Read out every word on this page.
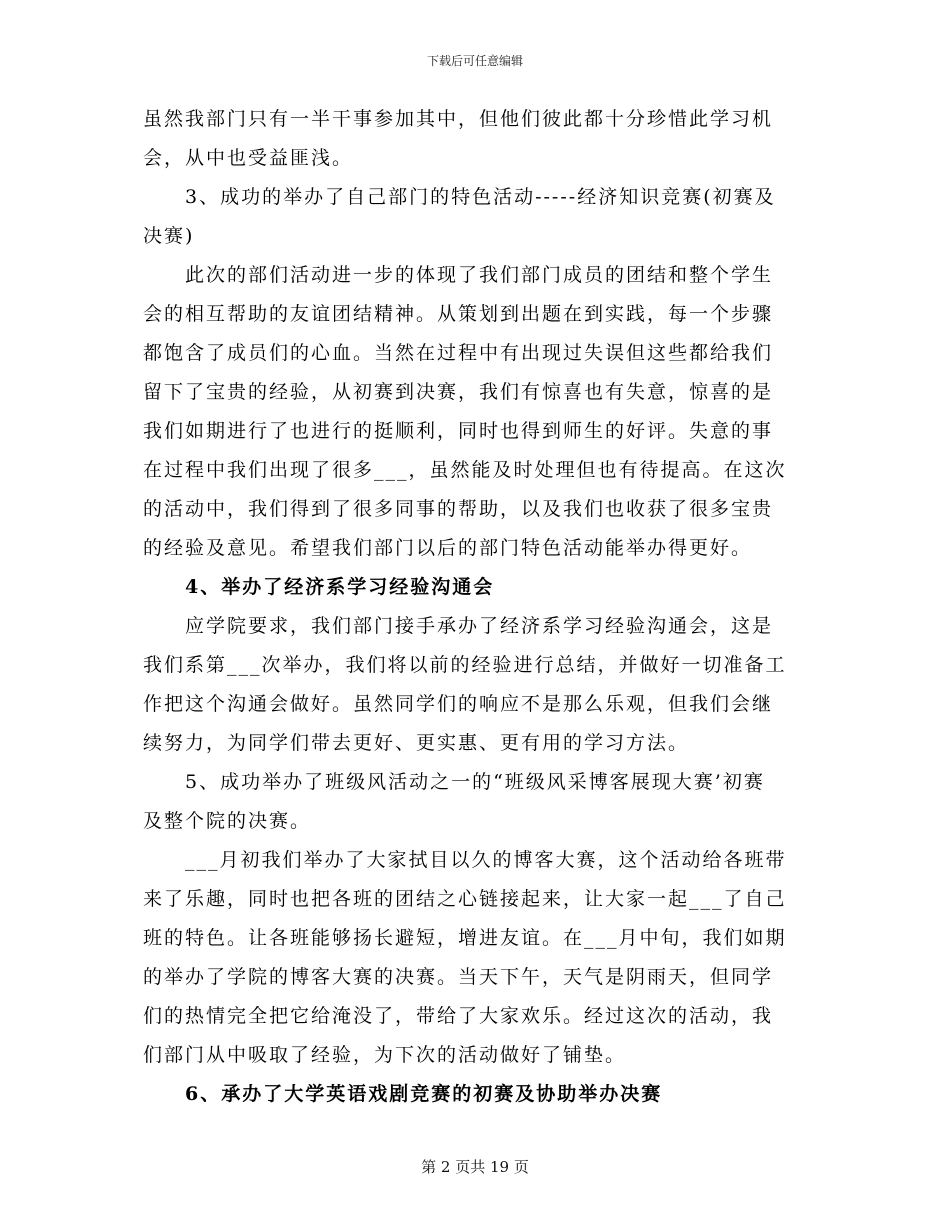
下载后可任意编辑
虽然我部门只有一半干事参加其中，但他们彼此都十分珍惜此学习机
会，从中也受益匪浅。
3、成功的举办了自己部门的特色活动-----经济知识竞赛(初赛及
决赛)
此次的部们活动进一步的体现了我们部门成员的团结和整个学生
会的相互帮助的友谊团结精神。从策划到出题在到实践，每一个步骤
都饱含了成员们的心血。当然在过程中有出现过失误但这些都给我们
留下了宝贵的经验，从初赛到决赛，我们有惊喜也有失意，惊喜的是
我们如期进行了也进行的挺顺利，同时也得到师生的好评。失意的事
在过程中我们出现了很多___，虽然能及时处理但也有待提高。在这次
的活动中，我们得到了很多同事的帮助，以及我们也收获了很多宝贵
的经验及意见。希望我们部门以后的部门特色活动能举办得更好。
4、举办了经济系学习经验沟通会
应学院要求，我们部门接手承办了经济系学习经验沟通会，这是
我们系第___次举办，我们将以前的经验进行总结，并做好一切准备工
作把这个沟通会做好。虽然同学们的响应不是那么乐观，但我们会继
续努力，为同学们带去更好、更实惠、更有用的学习方法。
5、成功举办了班级风活动之一的“班级风采博客展现大赛’初赛
及整个院的决赛。
___月初我们举办了大家拭目以久的博客大赛，这个活动给各班带
来了乐趣，同时也把各班的团结之心链接起来，让大家一起___了自己
班的特色。让各班能够扬长避短，增进友谊。在___月中旬，我们如期
的举办了学院的博客大赛的决赛。当天下午，天气是阴雨天，但同学
们的热情完全把它给淹没了，带给了大家欢乐。经过这次的活动，我
们部门从中吸取了经验，为下次的活动做好了铺垫。
6、承办了大学英语戏剧竞赛的初赛及协助举办决赛
第 2 页共 19 页
